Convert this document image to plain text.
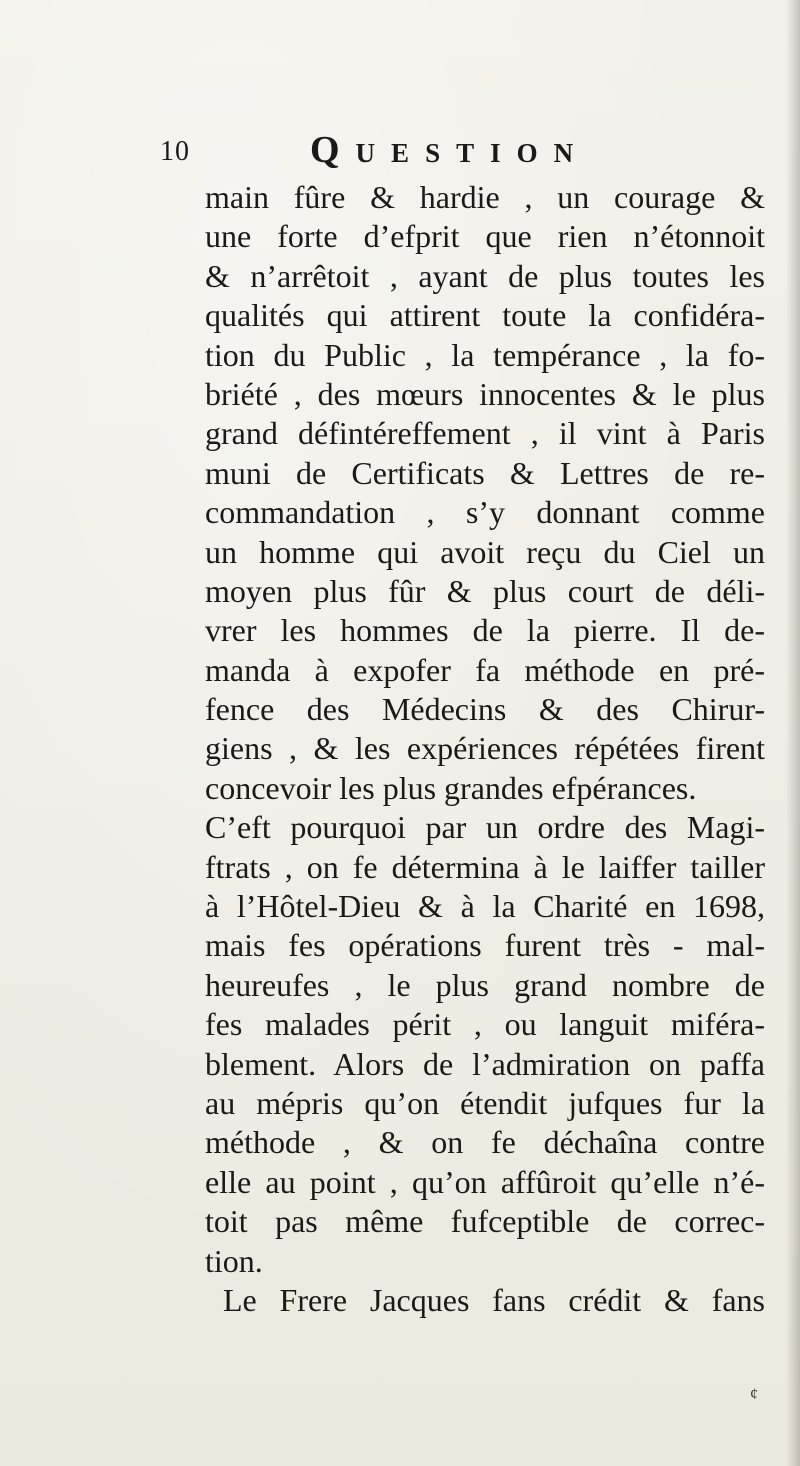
10	Question
main fûre & hardie , un courage &
une forte d’efprit que rien n’étonnoit
& n’arrêtoit , ayant de plus toutes les
qualités qui attirent toute la confidéra-
tion du Public , la tempérance , la fo-
briété , des mœurs innocentes & le plus
grand défintéreffement , il vint à Paris
muni de Certificats & Lettres de re-
commandation , s’y donnant comme
un homme qui avoit reçu du Ciel un
moyen plus fûr & plus court de déli-
vrer les hommes de la pierre. Il de-
manda à expofer fa méthode en pré-
fence des Médecins & des Chirur-
giens , & les expériences répétées firent
concevoir les plus grandes efpérances.
C’eft pourquoi par un ordre des Magi-
ftrats , on fe détermina à le laiffer tailler
à l’Hôtel-Dieu & à la Charité en 1698,
mais fes opérations furent très - mal-
heureufes , le plus grand nombre de
fes malades périt , ou languit miféra-
blement. Alors de l’admiration on paffa
au mépris qu’on étendit jufques fur la
méthode , & on fe déchaîna contre
elle au point , qu’on affûroit qu’elle n’é-
toit pas même fufceptible de correc-
tion.
Le Frere Jacques fans crédit & fans
¢
